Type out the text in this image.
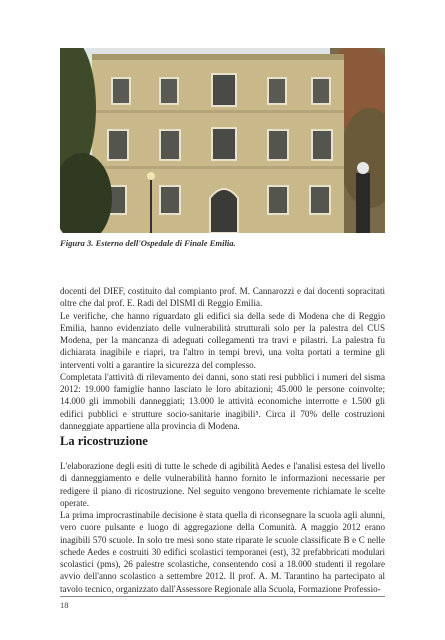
Figura 3. Esterno dell'Ospedale di Finale Emilia.

docenti del DIEF, costituito dal compianto prof. M. Cannarozzi e dai docenti sopracitati oltre che dal prof. E. Radi del DISMI di Reggio Emilia.

Le verifiche, che hanno riguardato gli edifici sia della sede di Modena che di Reggio Emilia, hanno evidenziato delle vulnerabilità strutturali solo per la palestra del CUS Modena, per la mancanza di adeguati collegamenti tra travi e pilastri. La palestra fu dichiarata inagibile e riaprì, tra l'altro in tempi brevi, una volta portati a termine gli interventi volti a garantire la sicurezza del complesso.

Completata l'attività di rilevamento dei danni, sono stati resi pubblici i numeri del sisma 2012: 19.000 famiglie hanno lasciato le loro abitazioni; 45.000 le persone coinvolte; 14.000 gli immobili danneggiati; 13.000 le attività economiche interrotte e 1.500 gli edifici pubblici e strutture socio-sanitarie inagibili⁵. Circa il 70% delle costruzioni danneggiate appartiene alla provincia di Modena.

La ricostruzione

L'elaborazione degli esiti di tutte le schede di agibilità Aedes e l'analisi estesa del livello di danneggiamento e delle vulnerabilità hanno fornito le informazioni necessarie per redigere il piano di ricostruzione. Nel seguito vengono brevemente richiamate le scelte operate.

La prima improcrastinabile decisione è stata quella di riconsegnare la scuola agli alunni, vero cuore pulsante e luogo di aggregazione della Comunità. A maggio 2012 erano inagibili 570 scuole. In solo tre mesi sono state riparate le scuole classificate B e C nelle schede Aedes e costruiti 30 edifici scolastici temporanei (est), 32 prefabbricati modulari scolastici (pms), 26 palestre scolastiche, consentendo così a 18.000 studenti il regolare avvio dell'anno scolastico a settembre 2012. Il prof. A. M. Tarantino ha partecipato al tavolo tecnico, organizzato dall'Assessore Regionale alla Scuola, Formazione Professio-

18
